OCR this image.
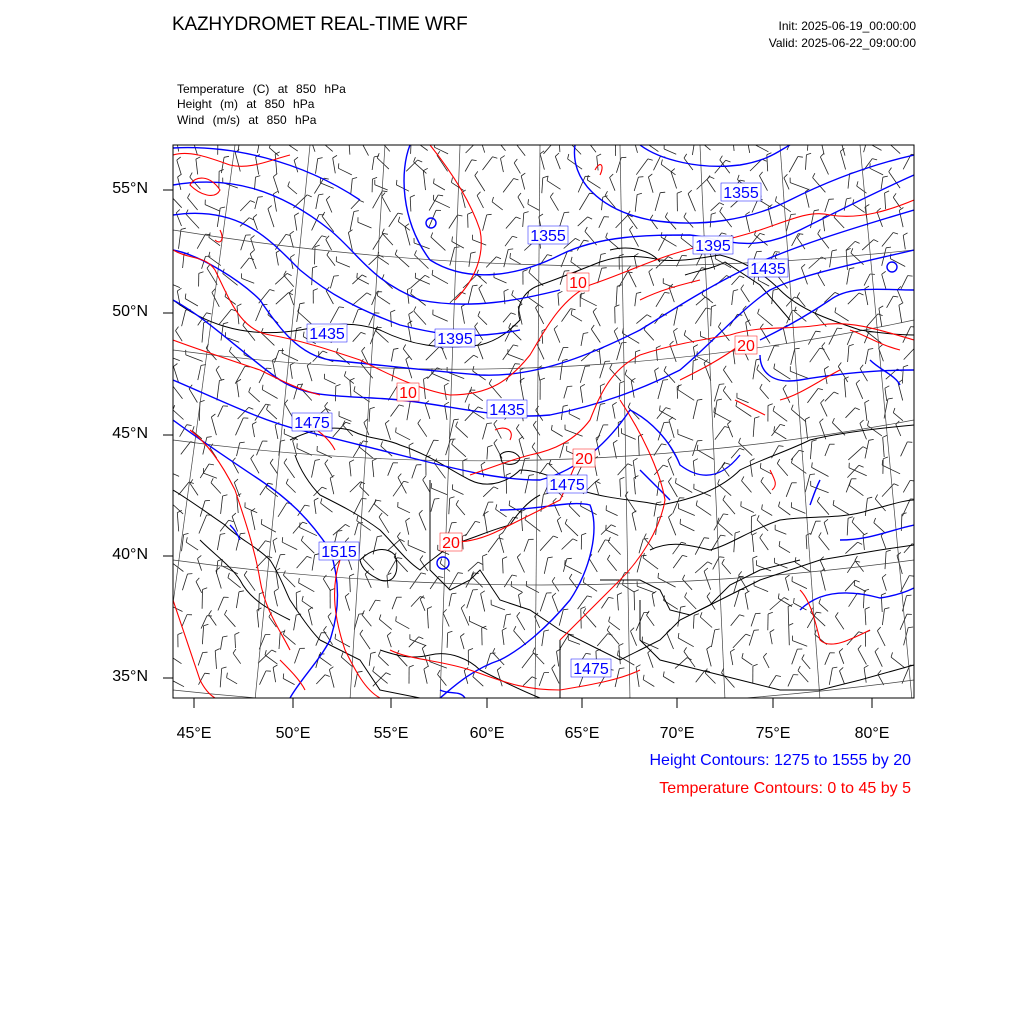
KAZHYDROMET REAL-TIME WRF	Init: 2025-06-19_00:00:00
Valid: 2025-06-22_09:00:00
Temperature (C) at 850 hPa
Height (m) at 850 hPa
Wind (m/s) at 850 hPa
1355
1355
1395
1435
1435	1395
1435
1475
1475
1515
1475
10
20
10
20
20
55°N
50°N
45°N
40°N
35°N
45°E	50°E	55°E	60°E	65°E	70°E	75°E	80°E
Height Contours: 1275 to 1555 by 20
Temperature Contours: 0 to 45 by 5
